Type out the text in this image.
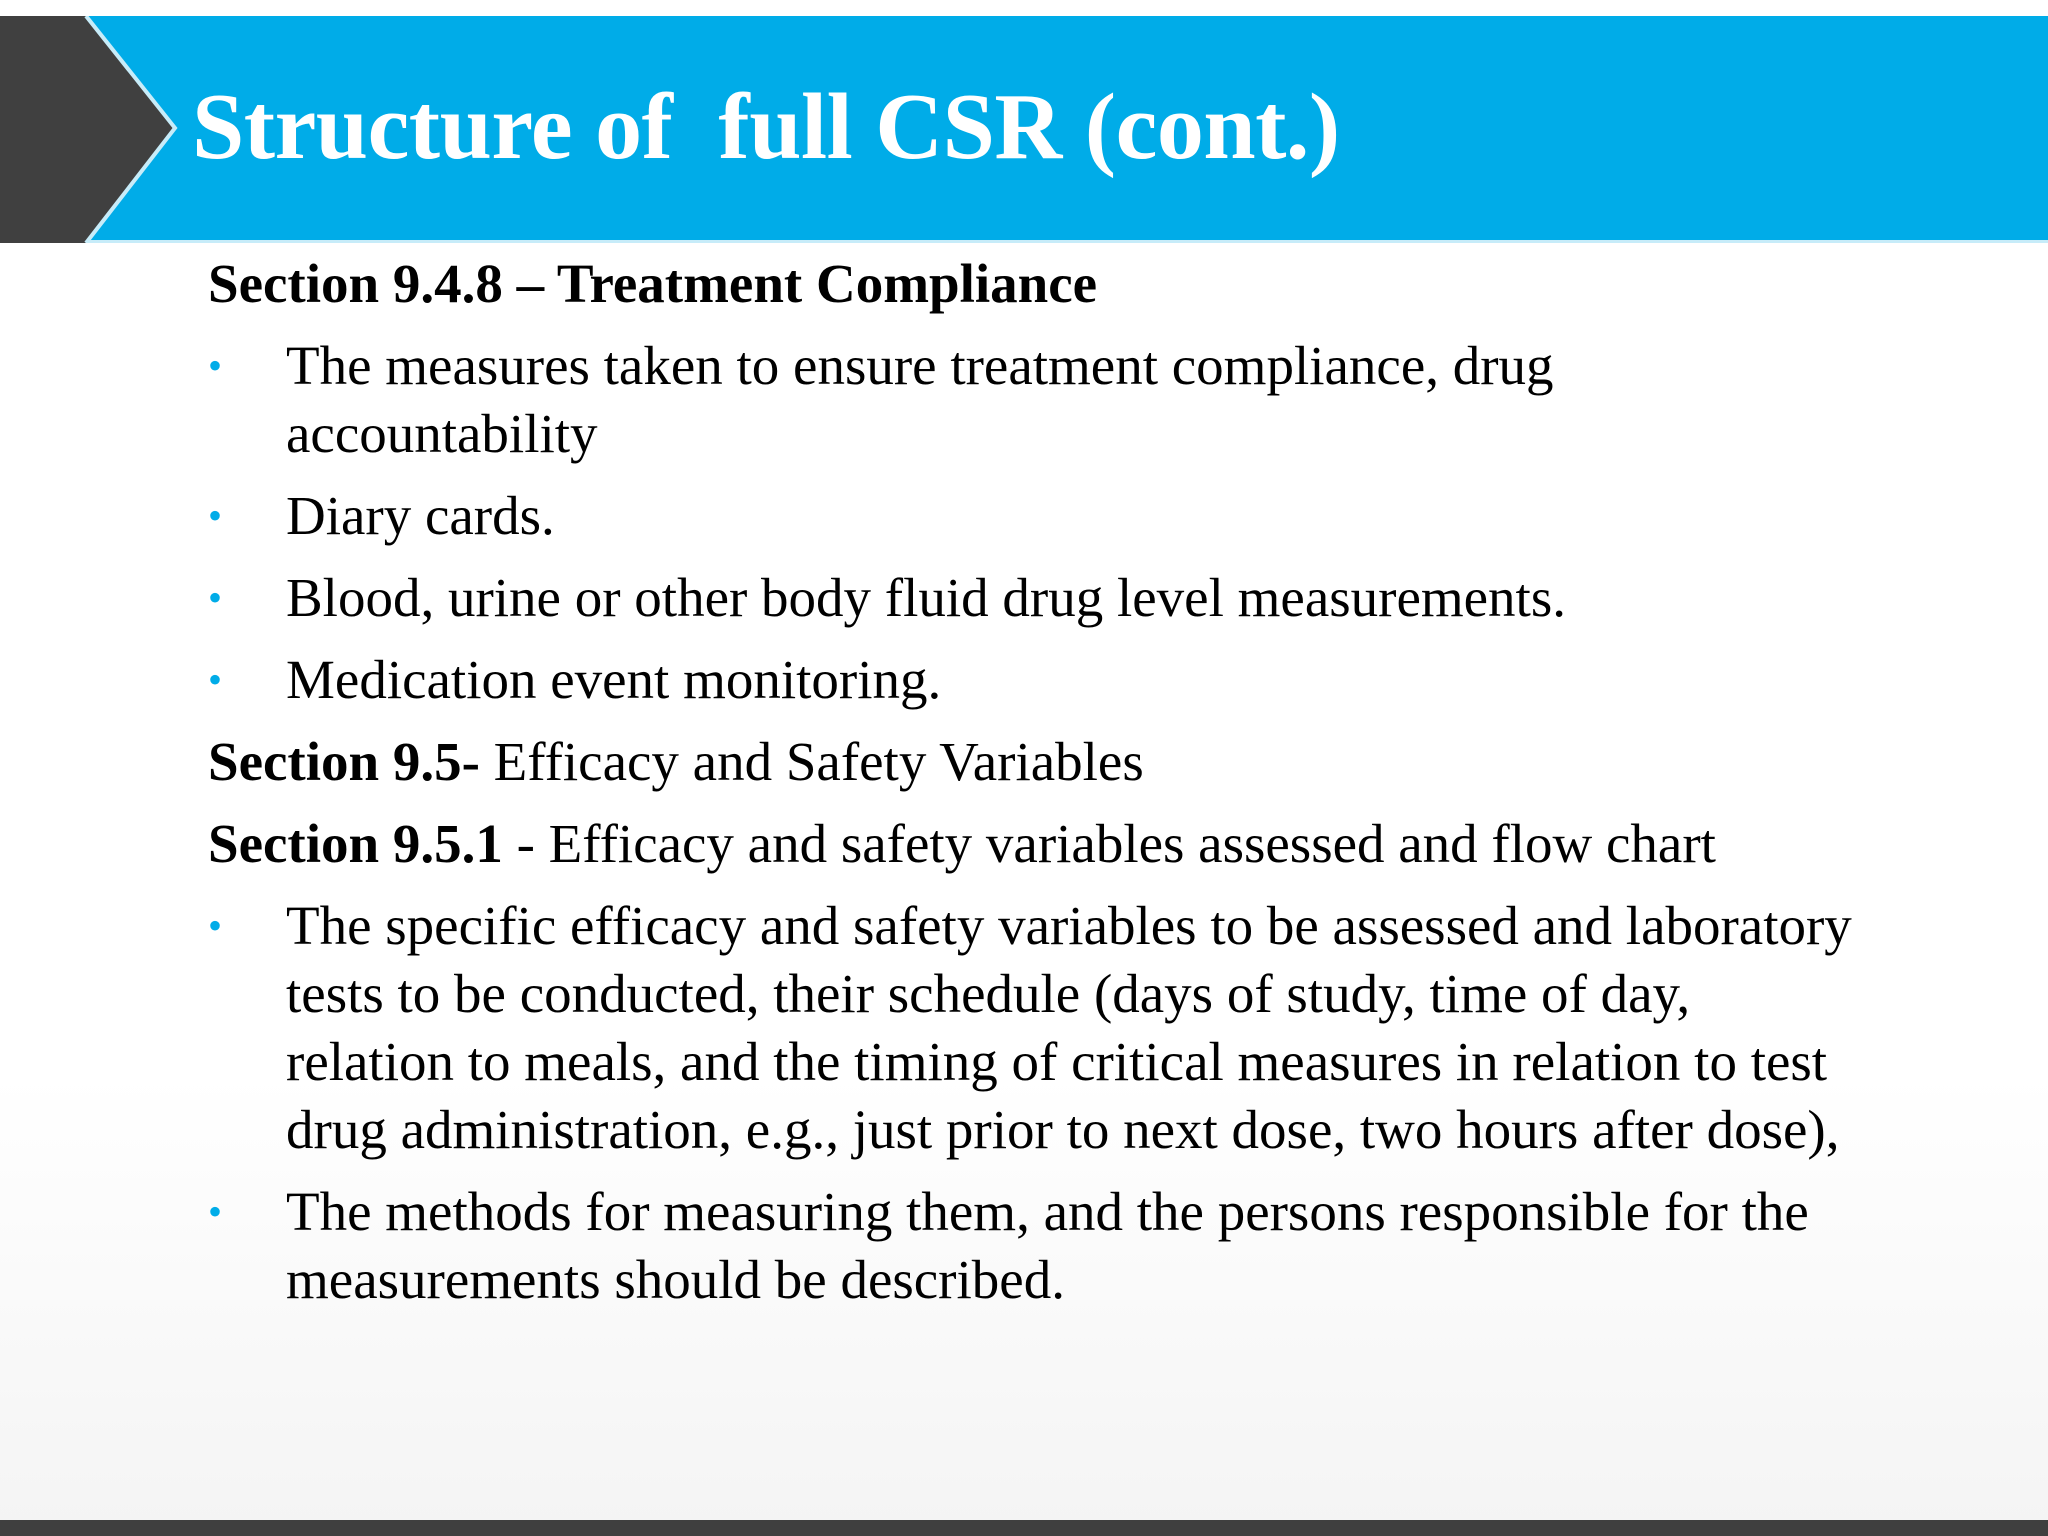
Structure of  full CSR (cont.)
Section 9.4.8 – Treatment Compliance
•	The measures taken to ensure treatment compliance, drug accountability
•	Diary cards.
•	Blood, urine or other body fluid drug level measurements.
•	Medication event monitoring.
Section 9.5- Efficacy and Safety Variables
Section 9.5.1 - Efficacy and safety variables assessed and flow chart
•	The specific efficacy and safety variables to be assessed and laboratory tests to be conducted, their schedule (days of study, time of day, relation to meals, and the timing of critical measures in relation to test drug administration, e.g., just prior to next dose, two hours after dose),
•	The methods for measuring them, and the persons responsible for the measurements should be described.
